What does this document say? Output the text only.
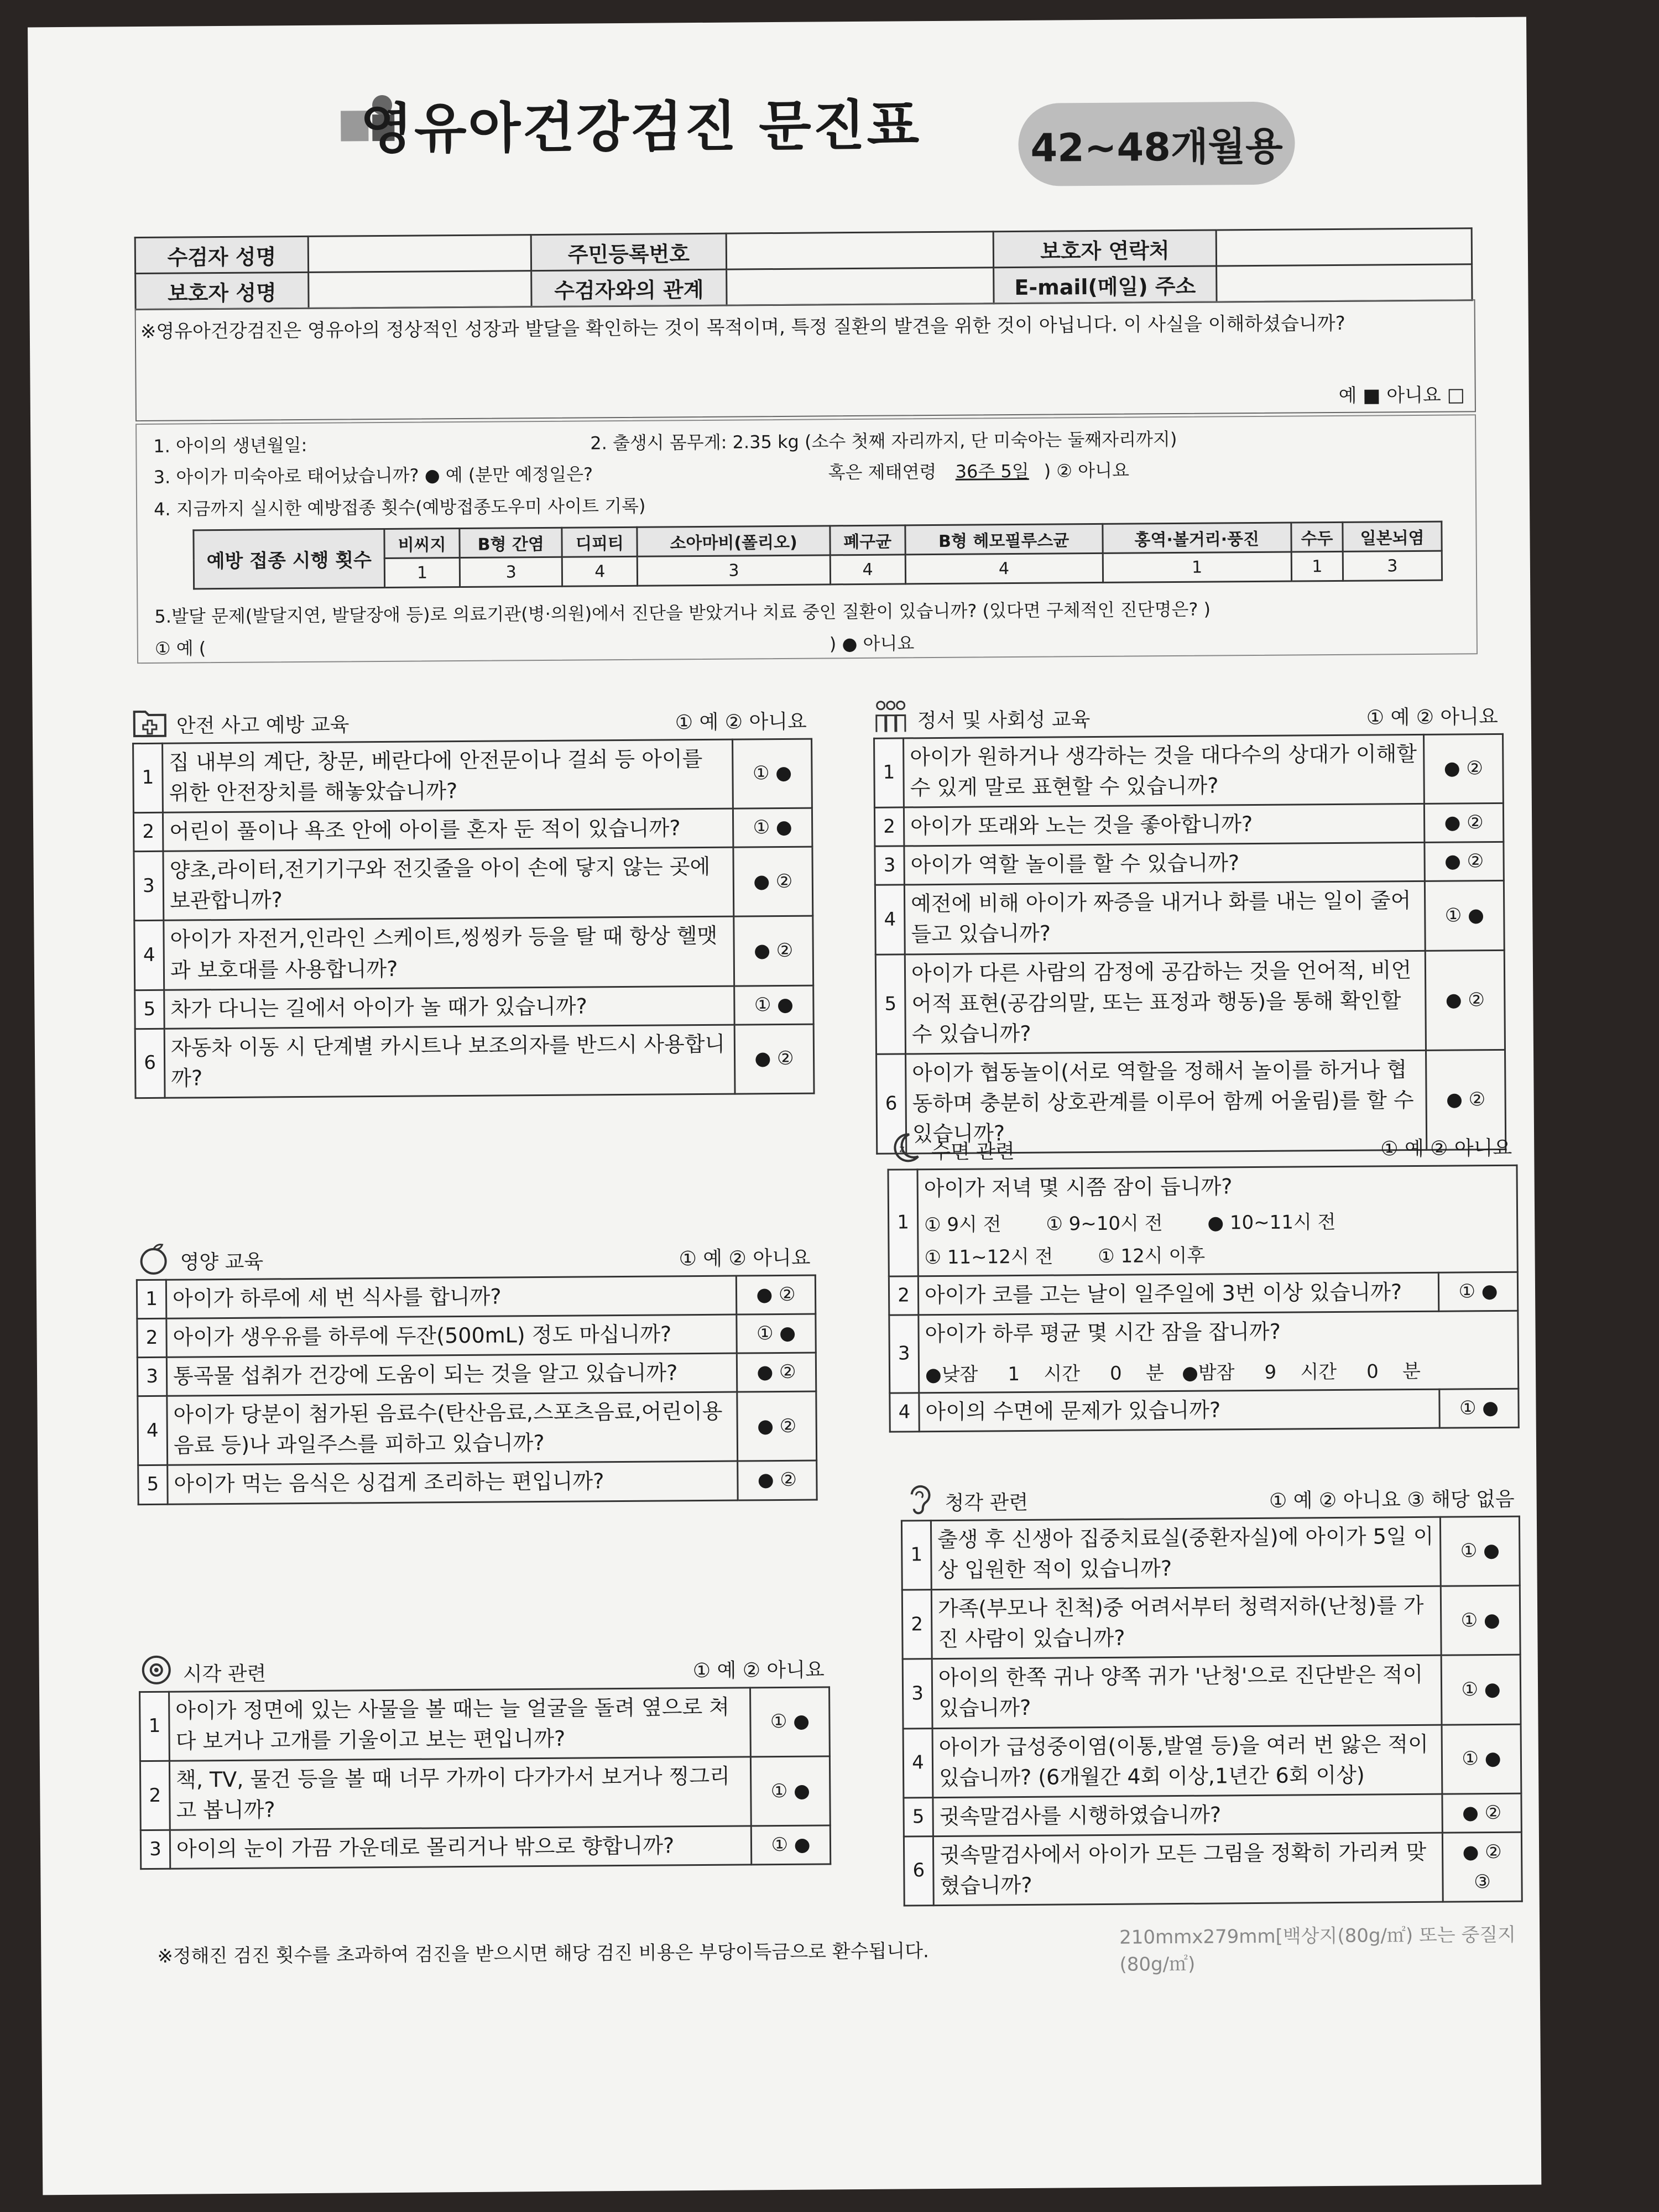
영유아건강검진 문진표	42~48개월용
수검자 성명		주민등록번호		보호자 연락처	
보호자 성명		수검자와의 관계		E-mail(메일) 주소	
※영유아건강검진은 영유아의 정상적인 성장과 발달을 확인하는 것이 목적이며, 특정 질환의 발견을 위한 것이 아닙니다. 이 사실을 이해하셨습니까?
예 ■ 아니요 □
1. 아이의 생년월일:	2. 출생시 몸무게: 2.35 kg (소수 첫째 자리까지, 단 미숙아는 둘째자리까지)
3. 아이가 미숙아로 태어났습니까? ● 예 (분만 예정일은?	혹은 제태연령 36주 5일 ) ② 아니요
4. 지금까지 실시한 예방접종 횟수(예방접종도우미 사이트 기록)
예방 접종 시행 횟수	비씨지	B형 간염	디피티	소아마비(폴리오)	폐구균	B형 헤모필루스균	홍역·볼거리·풍진	수두	일본뇌염
	1	3	4	3	4	4	1	1	3
5.발달 문제(발달지연, 발달장애 등)로 의료기관(병·의원)에서 진단을 받았거나 치료 중인 질환이 있습니까? (있다면 구체적인 진단명은? )
① 예 (	) ● 아니요
안전 사고 예방 교육	① 예 ② 아니요
1	집 내부의 계단, 창문, 베란다에 안전문이나 걸쇠 등 아이를 위한 안전장치를 해놓았습니까?	① ●
2	어린이 풀이나 욕조 안에 아이를 혼자 둔 적이 있습니까?	① ●
3	양초,라이터,전기기구와 전깃줄을 아이 손에 닿지 않는 곳에 보관합니까?	● ②
4	아이가 자전거,인라인 스케이트,씽씽카 등을 탈 때 항상 헬맷과 보호대를 사용합니까?	● ②
5	차가 다니는 길에서 아이가 놀 때가 있습니까?	① ●
6	자동차 이동 시 단계별 카시트나 보조의자를 반드시 사용합니까?	● ②
영양 교육	① 예 ② 아니요
1	아이가 하루에 세 번 식사를 합니까?	● ②
2	아이가 생우유를 하루에 두잔(500mL) 정도 마십니까?	① ●
3	통곡물 섭취가 건강에 도움이 되는 것을 알고 있습니까?	● ②
4	아이가 당분이 첨가된 음료수(탄산음료,스포츠음료,어린이용음료 등)나 과일주스를 피하고 있습니까?	● ②
5	아이가 먹는 음식은 싱겁게 조리하는 편입니까?	● ②
시각 관련	① 예 ② 아니요
1	아이가 정면에 있는 사물을 볼 때는 늘 얼굴을 돌려 옆으로 쳐다 보거나 고개를 기울이고 보는 편입니까?	① ●
2	책, TV, 물건 등을 볼 때 너무 가까이 다가가서 보거나 찡그리고 봅니까?	① ●
3	아이의 눈이 가끔 가운데로 몰리거나 밖으로 향합니까?	① ●
정서 및 사회성 교육	① 예 ② 아니요
1	아이가 원하거나 생각하는 것을 대다수의 상대가 이해할 수 있게 말로 표현할 수 있습니까?	● ②
2	아이가 또래와 노는 것을 좋아합니까?	● ②
3	아이가 역할 놀이를 할 수 있습니까?	● ②
4	예전에 비해 아이가 짜증을 내거나 화를 내는 일이 줄어들고 있습니까?	① ●
5	아이가 다른 사람의 감정에 공감하는 것을 언어적, 비언어적 표현(공감의말, 또는 표정과 행동)을 통해 확인할 수 있습니까?	● ②
6	아이가 협동놀이(서로 역할을 정해서 놀이를 하거나 협동하며 충분히 상호관계를 이루어 함께 어울림)를 할 수 있습니까?	● ②
z 수면 관련	① 예 ② 아니요
1	아이가 저녁 몇 시쯤 잠이 듭니까?
① 9시 전 ① 9~10시 전 ● 10~11시 전
① 11~12시 전 ① 12시 이후	

2	아이가 코를 고는 날이 일주일에 3번 이상 있습니까?	① ●
3	아이가 하루 평균 몇 시간 잠을 잡니까?
●낮잠     1    시간     0    분   ●밤잠     9    시간     0    분	

4	아이의 수면에 문제가 있습니까?	① ●
청각 관련	① 예 ② 아니요 ③ 해당 없음
1	출생 후 신생아 집중치료실(중환자실)에 아이가 5일 이상 입원한 적이 있습니까?	① ●
2	가족(부모나 친척)중 어려서부터 청력저하(난청)를 가진 사람이 있습니까?	① ●
3	아이의 한쪽 귀나 양쪽 귀가 '난청'으로 진단받은 적이 있습니까?	① ●
4	아이가 급성중이염(이통,발열 등)을 여러 번 앓은 적이 있습니까? (6개월간 4회 이상,1년간 6회 이상)	① ●
5	귓속말검사를 시행하였습니까?	● ②
6	귓속말검사에서 아이가 모든 그림을 정확히 가리켜 맞혔습니까?	● ②
③
※정해진 검진 횟수를 초과하여 검진을 받으시면 해당 검진 비용은 부당이득금으로 환수됩니다.
210mmx279mm[백상지(80g/㎡) 또는 중질지(80g/㎡)
